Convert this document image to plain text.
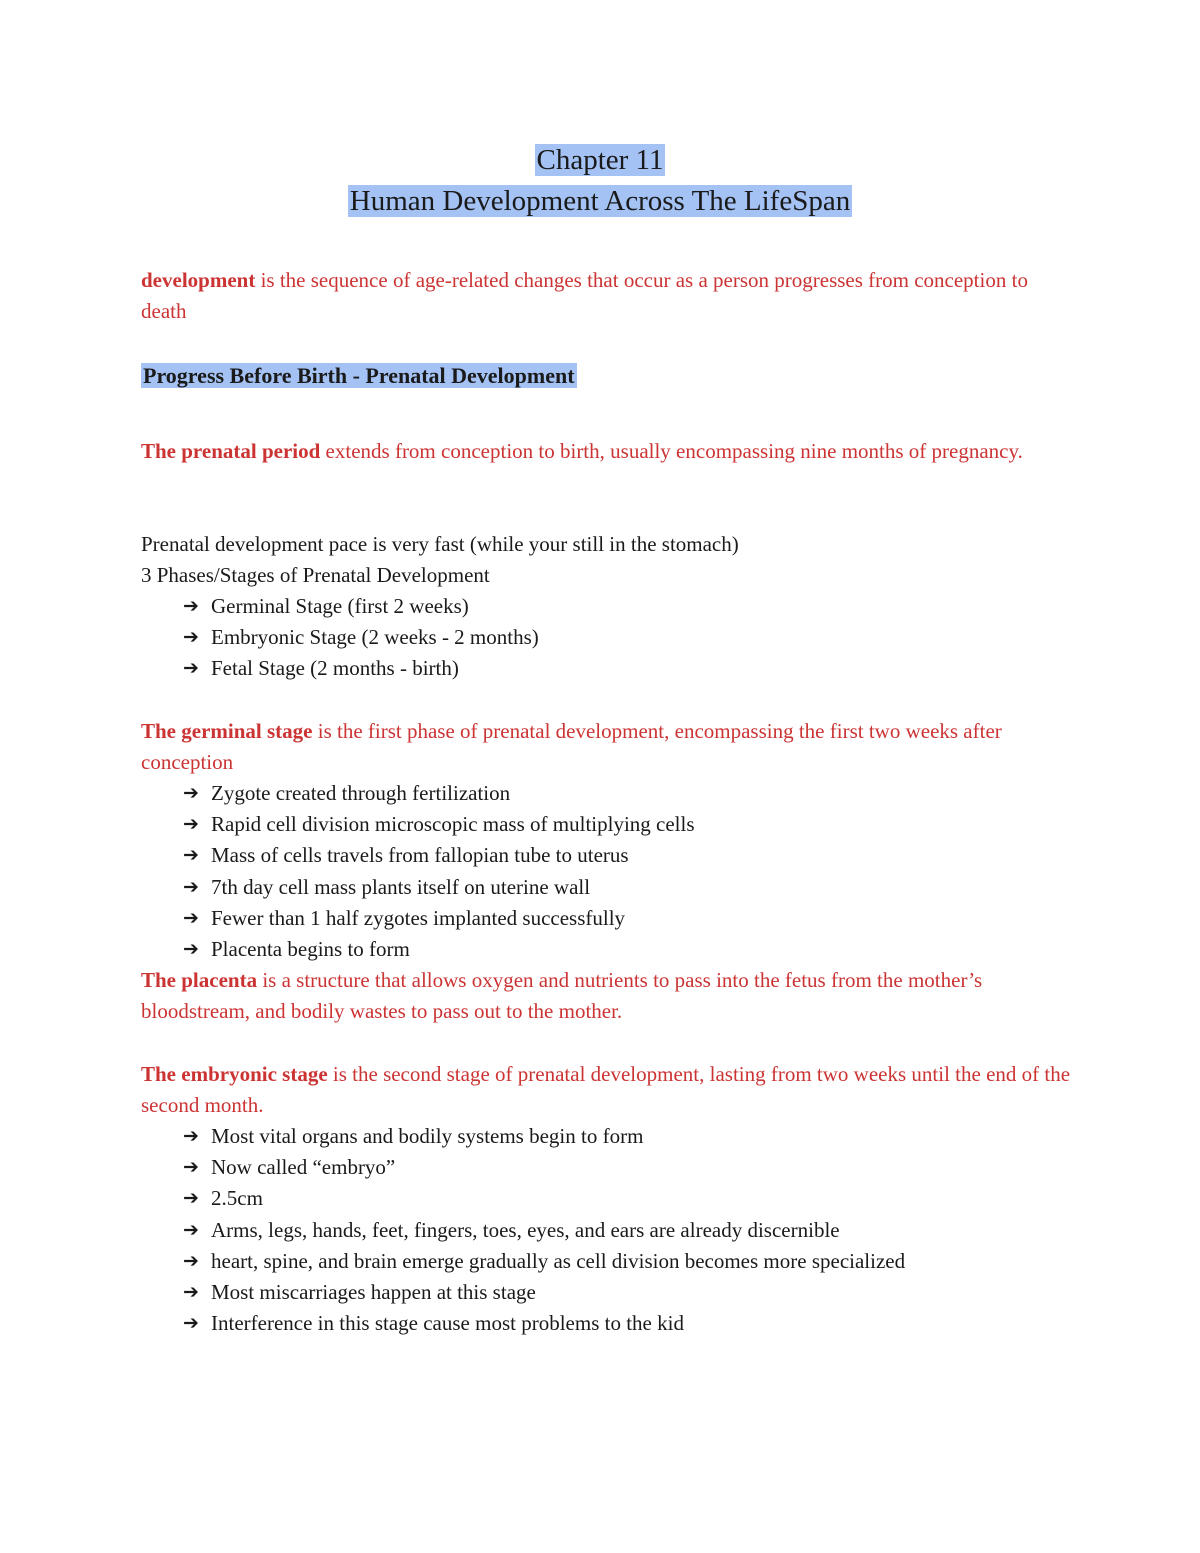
Chapter 11
Human Development Across The LifeSpan
development is the sequence of age-related changes that occur as a person progresses from conception to death
Progress Before Birth - Prenatal Development
The prenatal period extends from conception to birth, usually encompassing nine months of pregnancy.
Prenatal development pace is very fast (while your still in the stomach)
3 Phases/Stages of Prenatal Development
➔ Germinal Stage (first 2 weeks)
➔ Embryonic Stage (2 weeks - 2 months)
➔ Fetal Stage (2 months - birth)
The germinal stage is the first phase of prenatal development, encompassing the first two weeks after conception
➔ Zygote created through fertilization
➔ Rapid cell division microscopic mass of multiplying cells
➔ Mass of cells travels from fallopian tube to uterus
➔ 7th day cell mass plants itself on uterine wall
➔ Fewer than 1 half zygotes implanted successfully
➔ Placenta begins to form
The placenta is a structure that allows oxygen and nutrients to pass into the fetus from the mother’s bloodstream, and bodily wastes to pass out to the mother.
The embryonic stage is the second stage of prenatal development, lasting from two weeks until the end of the second month.
➔ Most vital organs and bodily systems begin to form
➔ Now called “embryo”
➔ 2.5cm
➔ Arms, legs, hands, feet, fingers, toes, eyes, and ears are already discernible
➔ heart, spine, and brain emerge gradually as cell division becomes more specialized
➔ Most miscarriages happen at this stage
➔ Interference in this stage cause most problems to the kid
